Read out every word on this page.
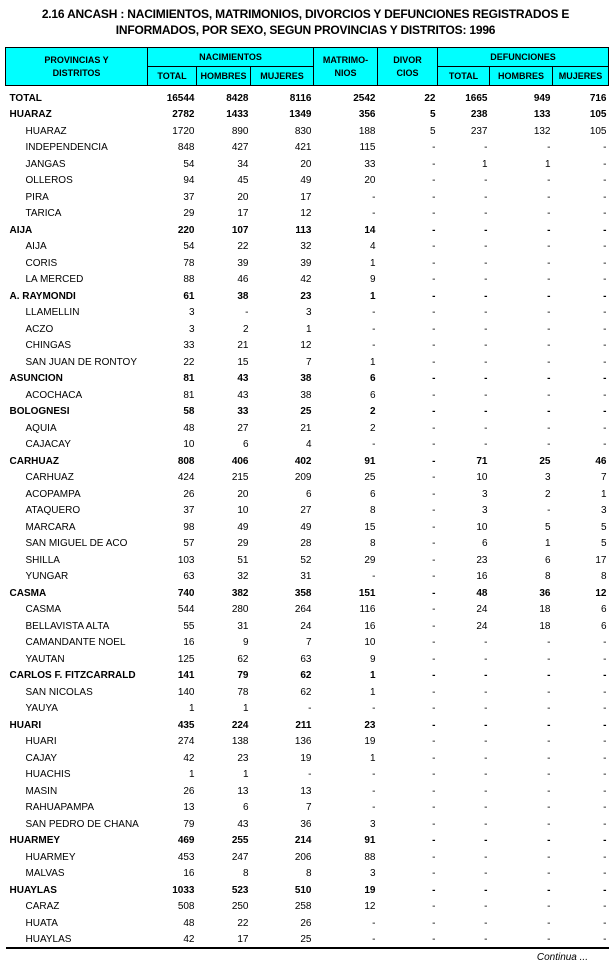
2.16 ANCASH : NACIMIENTOS, MATRIMONIOS, DIVORCIOS Y DEFUNCIONES REGISTRADOS E
INFORMADOS, POR SEXO, SEGUN PROVINCIAS Y DISTRITOS: 1996
PROVINCIAS Y
DISTRITOS
	NACIMIENTOS	MATRIMO-
NIOS

DIVOR
CIOS
	DEFUNCIONES
	TOTAL	HOMBRES	MUJERES			TOTAL	HOMBRES	MUJERES
TOTAL	16544	8428	8116	2542	22	1665	949	716
HUARAZ	2782	1433	1349	356	5	238	133	105
HUARAZ	1720	890	830	188	5	237	132	105
INDEPENDENCIA	848	427	421	115	-	-	-	-
JANGAS	54	34	20	33	-	1	1	-
OLLEROS	94	45	49	20	-	-	-	-
PIRA	37	20	17	-	-	-	-	-
TARICA	29	17	12	-	-	-	-	-
AIJA	220	107	113	14	-	-	-	-
AIJA	54	22	32	4	-	-	-	-
CORIS	78	39	39	1	-	-	-	-
LA MERCED	88	46	42	9	-	-	-	-
A. RAYMONDI	61	38	23	1	-	-	-	-
LLAMELLIN	3	-	3	-	-	-	-	-
ACZO	3	2	1	-	-	-	-	-
CHINGAS	33	21	12	-	-	-	-	-
SAN JUAN DE RONTOY	22	15	7	1	-	-	-	-
ASUNCION	81	43	38	6	-	-	-	-
ACOCHACA	81	43	38	6	-	-	-	-
BOLOGNESI	58	33	25	2	-	-	-	-
AQUIA	48	27	21	2	-	-	-	-
CAJACAY	10	6	4	-	-	-	-	-
CARHUAZ	808	406	402	91	-	71	25	46
CARHUAZ	424	215	209	25	-	10	3	7
ACOPAMPA	26	20	6	6	-	3	2	1
ATAQUERO	37	10	27	8	-	3	-	3
MARCARA	98	49	49	15	-	10	5	5
SAN MIGUEL DE ACO	57	29	28	8	-	6	1	5
SHILLA	103	51	52	29	-	23	6	17
YUNGAR	63	32	31	-	-	16	8	8
CASMA	740	382	358	151	-	48	36	12
CASMA	544	280	264	116	-	24	18	6
BELLAVISTA ALTA	55	31	24	16	-	24	18	6
CAMANDANTE NOEL	16	9	7	10	-	-	-	-
YAUTAN	125	62	63	9	-	-	-	-
CARLOS F. FITZCARRALD	141	79	62	1	-	-	-	-
SAN NICOLAS	140	78	62	1	-	-	-	-
YAUYA	1	1	-	-	-	-	-	-
HUARI	435	224	211	23	-	-	-	-
HUARI	274	138	136	19	-	-	-	-
CAJAY	42	23	19	1	-	-	-	-
HUACHIS	1	1	-	-	-	-	-	-
MASIN	26	13	13	-	-	-	-	-
RAHUAPAMPA	13	6	7	-	-	-	-	-
SAN PEDRO DE CHANA	79	43	36	3	-	-	-	-
HUARMEY	469	255	214	91	-	-	-	-
HUARMEY	453	247	206	88	-	-	-	-
MALVAS	16	8	8	3	-	-	-	-
HUAYLAS	1033	523	510	19	-	-	-	-
CARAZ	508	250	258	12	-	-	-	-
HUATA	48	22	26	-	-	-	-	-
HUAYLAS	42	17	25	-	-	-	-	-
Continua ...
